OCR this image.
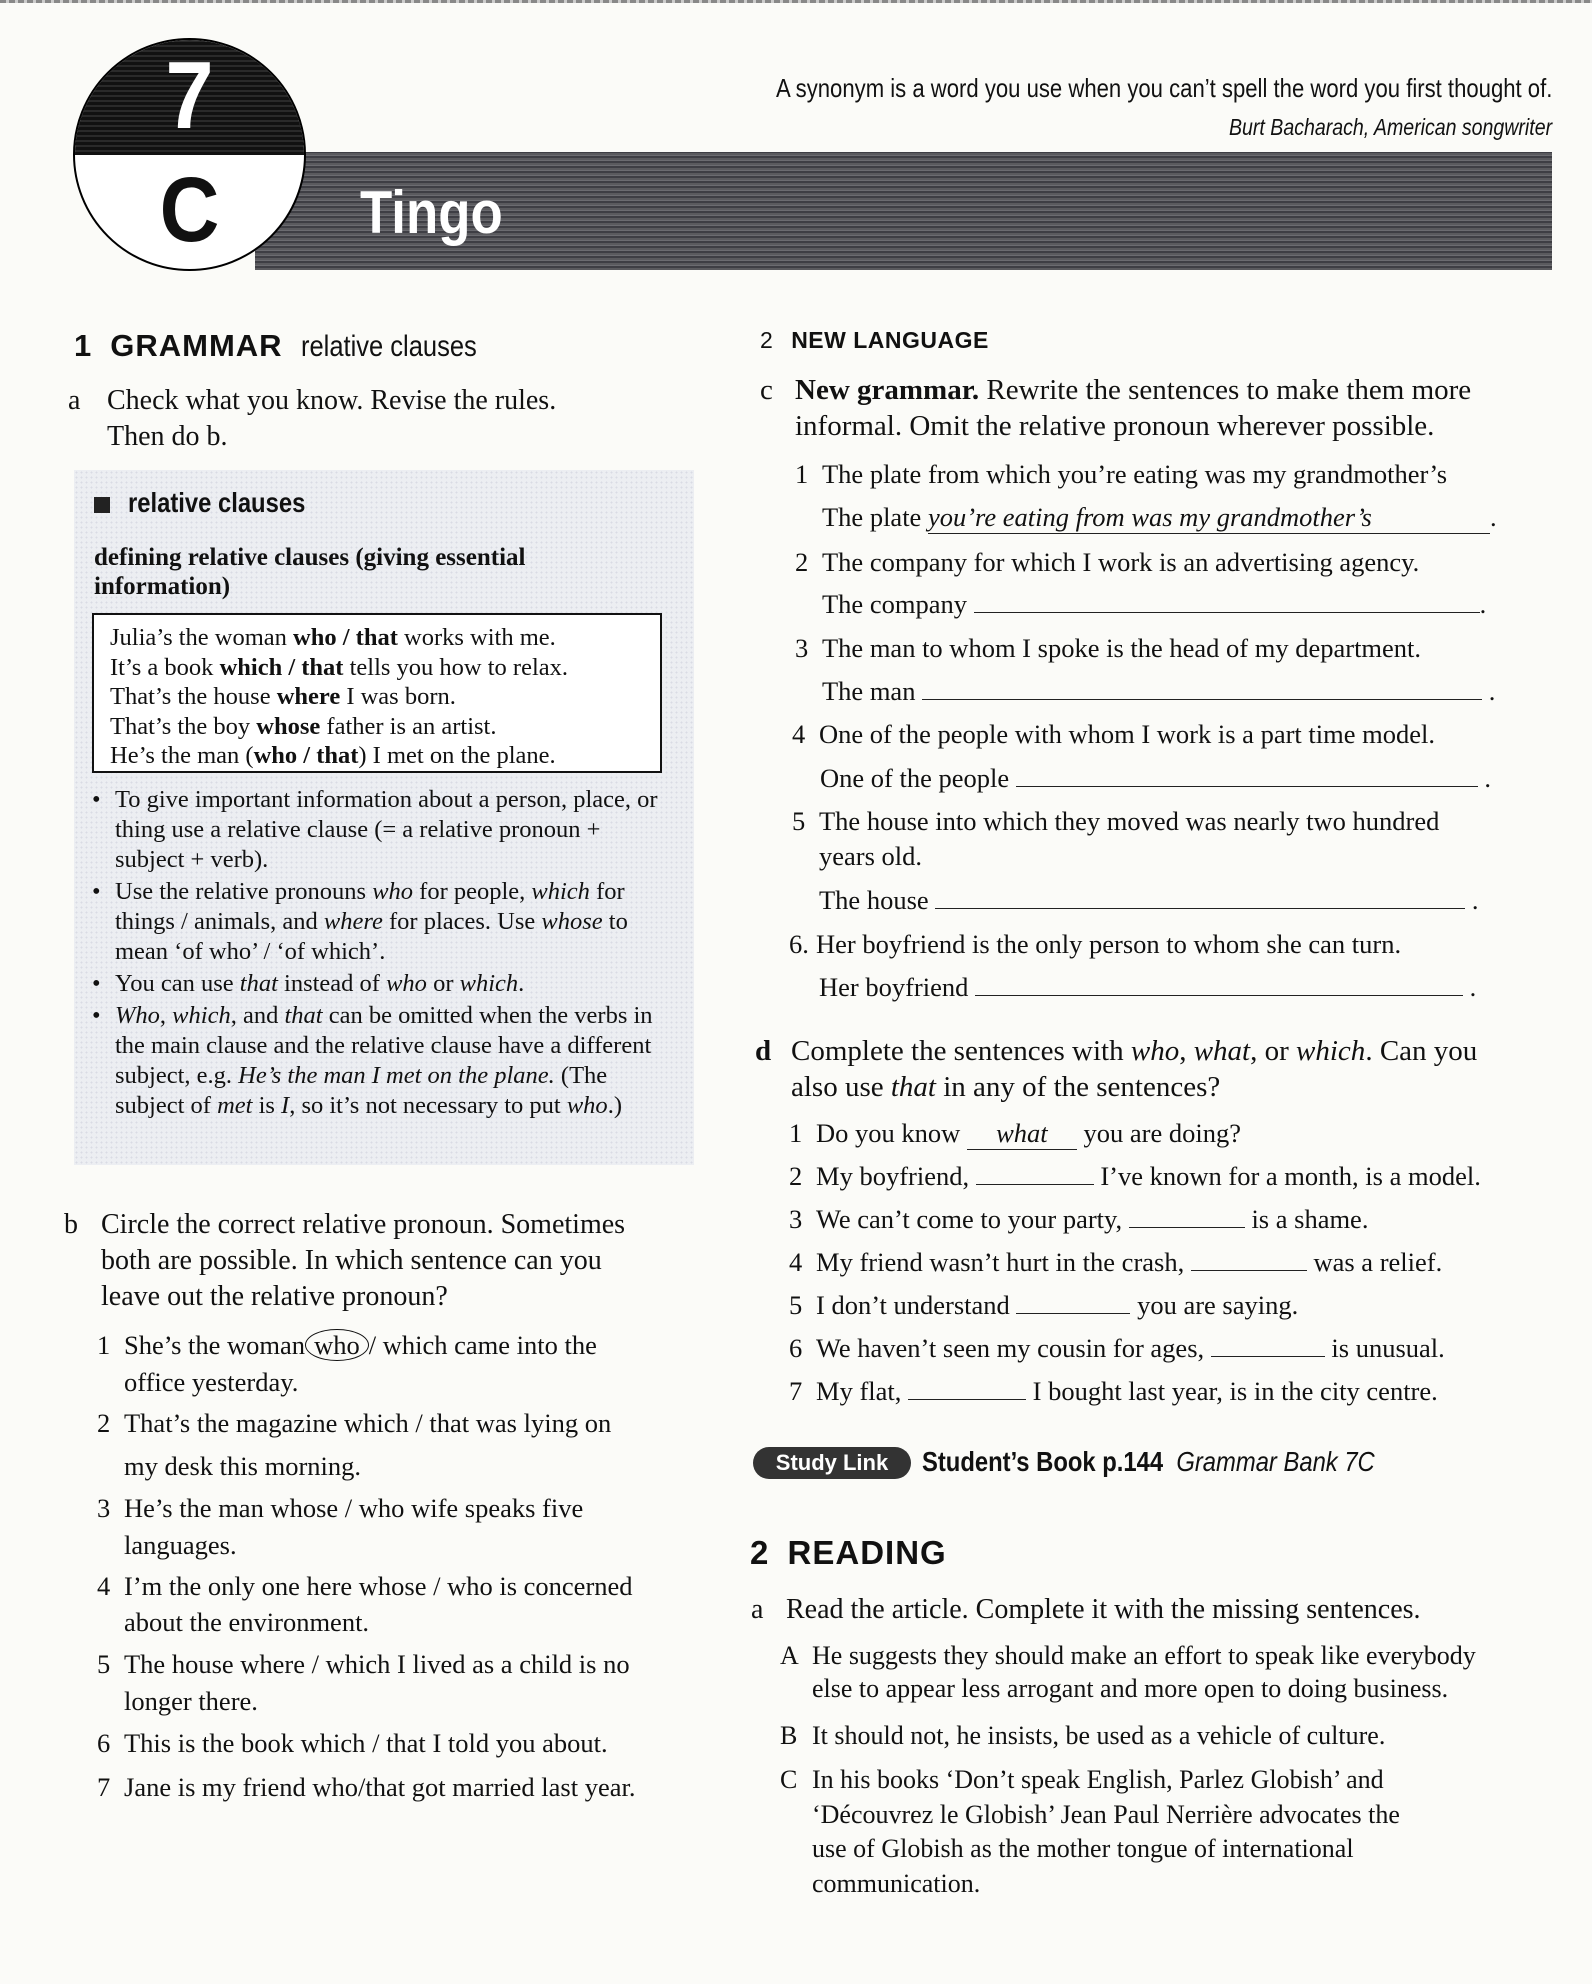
A synonym is a word you use when you can’t spell the word you first thought of.
Burt Bacharach, American songwriter
7
C	Tingo
1 GRAMMAR relative clauses
a Check what you know. Revise the rules.
Then do b.
relative clauses
defining relative clauses (giving essential information)
Julia’s the woman who / that works with me.
It’s a book which / that tells you how to relax.
That’s the house where I was born.
That’s the boy whose father is an artist.
He’s the man (who / that) I met on the plane.
• To give important information about a person, place, or thing use a relative clause (= a relative pronoun + subject + verb).
• Use the relative pronouns who for people, which for things / animals, and where for places. Use whose to mean ‘of who’ / ‘of which’.
• You can use that instead of who or which.
• Who, which, and that can be omitted when the verbs in the main clause and the relative clause have a different subject, e.g. He’s the man I met on the plane. (The subject of met is I, so it’s not necessary to put who.)
b Circle the correct relative pronoun. Sometimes
both are possible. In which sentence can you
leave out the relative pronoun?
1 She’s the woman who / which came into the
office yesterday.
2 That’s the magazine which / that was lying on
my desk this morning.
3 He’s the man whose / who wife speaks five
languages.
4 I’m the only one here whose / who is concerned
about the environment.
5 The house where / which I lived as a child is no
longer there.
6 This is the book which / that I told you about.
7 Jane is my friend who/that got married last year.
2 NEW LANGUAGE
c New grammar. Rewrite the sentences to make them more
informal. Omit the relative pronoun wherever possible.
1 The plate from which you’re eating was my grandmother’s
The plate you’re eating from was my grandmother’s	.
2 The company for which I work is an advertising agency.
The company	.
3 The man to whom I spoke is the head of my department.
The man	.
4 One of the people with whom I work is a part time model.
One of the people	.
5 The house into which they moved was nearly two hundred
years old.
The house	.
6. Her boyfriend is the only person to whom she can turn.
Her boyfriend	.
d Complete the sentences with who, what, or which. Can you
also use that in any of the sentences?
1 Do you know what you are doing?
2 My boyfriend,	I’ve known for a month, is a model.
3 We can’t come to your party,	is a shame.
4 My friend wasn’t hurt in the crash,	was a relief.
5 I don’t understand	you are saying.
6 We haven’t seen my cousin for ages,	is unusual.
7 My flat,	I bought last year, is in the city centre.
Study Link	Student’s Book p.144 Grammar Bank 7C
2 READING
a Read the article. Complete it with the missing sentences.
A He suggests they should make an effort to speak like everybody
else to appear less arrogant and more open to doing business.
B It should not, he insists, be used as a vehicle of culture.
C In his books ‘Don’t speak English, Parlez Globish’ and
‘Découvrez le Globish’ Jean Paul Nerrière advocates the
use of Globish as the mother tongue of international
communication.
